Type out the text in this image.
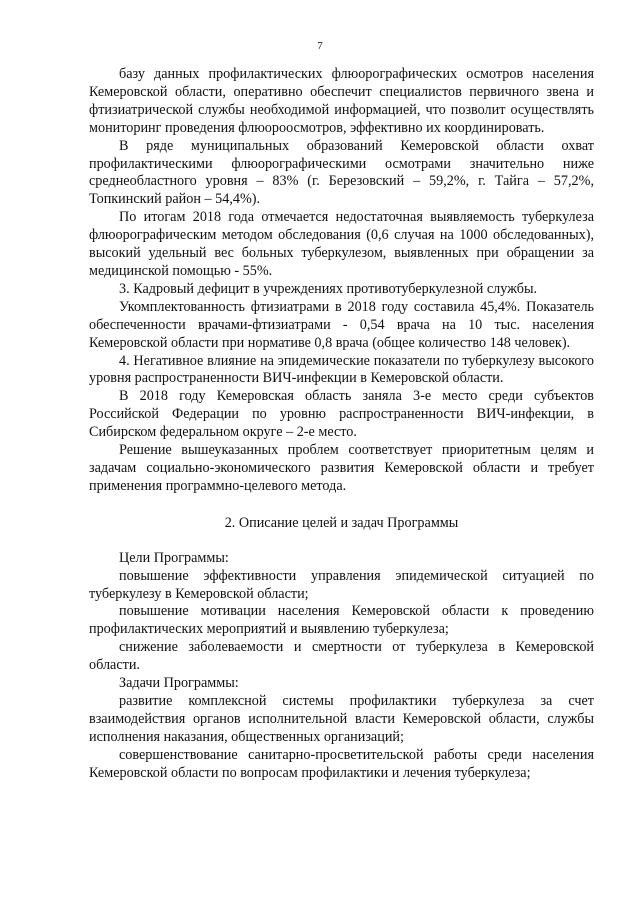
7

базу данных профилактических флюорографических осмотров населения Кемеровской области, оперативно обеспечит специалистов первичного звена и фтизиатрической службы необходимой информацией, что позволит осуществлять мониторинг проведения флюороосмотров, эффективно их координировать.

В ряде муниципальных образований Кемеровской области охват профилактическими флюорографическими осмотрами значительно ниже среднеобластного уровня – 83% (г. Березовский – 59,2%, г. Тайга – 57,2%, Топкинский район – 54,4%).

По итогам 2018 года отмечается недостаточная выявляемость туберкулеза флюорографическим методом обследования (0,6 случая на 1000 обследованных), высокий удельный вес больных туберкулезом, выявленных при обращении за медицинской помощью - 55%.

3. Кадровый дефицит в учреждениях противотуберкулезной службы.

Укомплектованность фтизиатрами в 2018 году составила 45,4%. Показатель обеспеченности врачами-фтизиатрами - 0,54 врача на 10 тыс. населения Кемеровской области при нормативе 0,8 врача (общее количество 148 человек).

4. Негативное влияние на эпидемические показатели по туберкулезу высокого уровня распространенности ВИЧ-инфекции в Кемеровской области.

В 2018 году Кемеровская область заняла 3-е место среди субъектов Российской Федерации по уровню распространенности ВИЧ-инфекции, в Сибирском федеральном округе – 2-е место.

Решение вышеуказанных проблем соответствует приоритетным целям и задачам социально-экономического развития Кемеровской области и требует применения программно-целевого метода.

2. Описание целей и задач Программы

Цели Программы:

повышение эффективности управления эпидемической ситуацией по туберкулезу в Кемеровской области;

повышение мотивации населения Кемеровской области к проведению профилактических мероприятий и выявлению туберкулеза;

снижение заболеваемости и смертности от туберкулеза в Кемеровской области.

Задачи Программы:

развитие комплексной системы профилактики туберкулеза за счет взаимодействия органов исполнительной власти Кемеровской области, службы исполнения наказания, общественных организаций;

совершенствование санитарно-просветительской работы среди населения Кемеровской области по вопросам профилактики и лечения туберкулеза;
